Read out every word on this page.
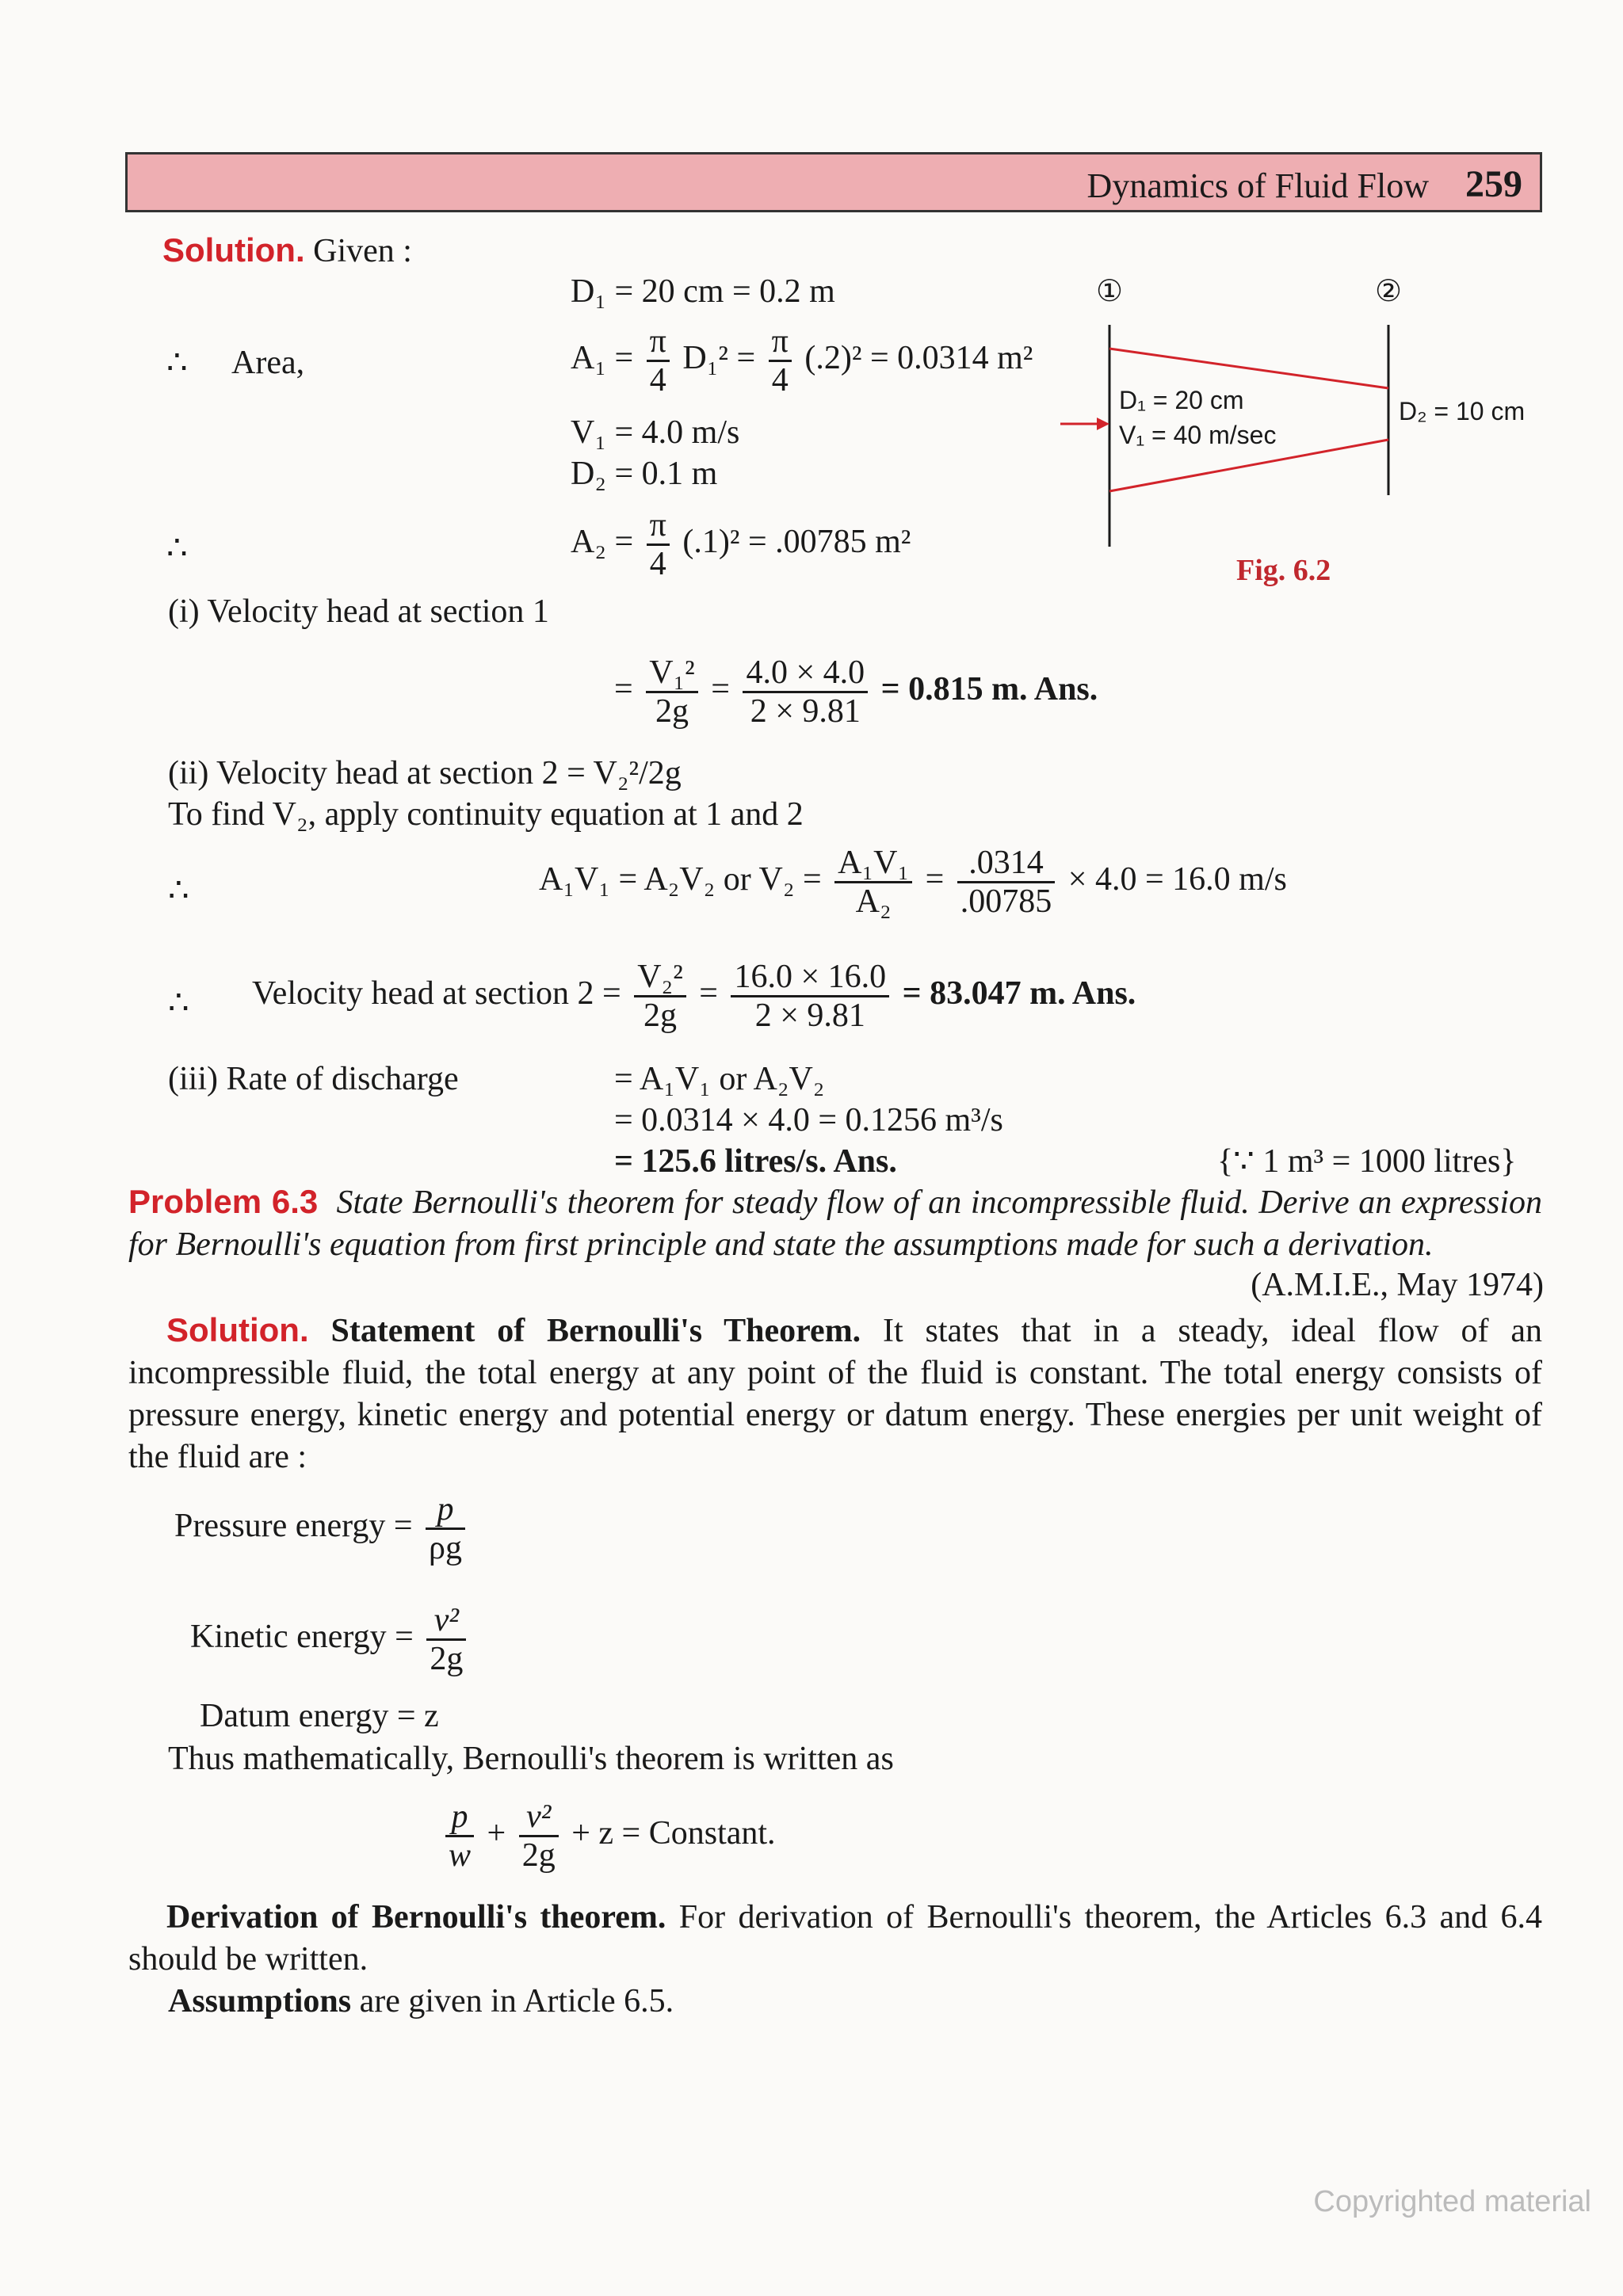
Dynamics of Fluid Flow 259
Solution. Given :
D₁ = 20 cm = 0.2 m
∴ Area,	$A_1 = \frac{\pi}{4} D_1^2 = \frac{\pi}{4} (.2)^2 = 0.0314$ m²
V₁ = 4.0 m/s
D₂ = 0.1 m
∴	$A_2 = \frac{\pi}{4} (.1)^2 = .00785$ m²
①	②
D₁ = 20 cm
V₁ = 40 m/sec
D₂ = 10 cm
Fig. 6.2
(i) Velocity head at section 1
= $\frac{\text{V₁²}}{2g} = \frac{4.0 \times 4.0}{2 \times 9.81} = 0.815$ m. Ans.
(ii) Velocity head at section 2 = V₂²/2g
To find V₂, apply continuity equation at 1 and 2
∴	A₁V₁ = A₂V₂ or $V_2 = \frac{\text{A₁V₁}}{\text{A₂}} = \frac{.0314}{.00785} \times 4.0 = 16.0$ m/s
∴ Velocity head at section $2 = \frac{\text{V₂²}}{2g} = \frac{16.0 \times 16.0}{2 \times 9.81} = 83.047$ m. Ans.
(iii) Rate of discharge	= A₁V₁ or A₂V₂
= 0.0314 × 4.0 = 0.1256 m³/s
= 125.6 litres/s. Ans.	{∵ 1 m³ = 1000 litres}
Problem 6.3 State Bernoulli's theorem for steady flow of an incompressible fluid. Derive an expression for Bernoulli's equation from first principle and state the assumptions made for such a derivation.
(A.M.I.E., May 1974)
Solution. Statement of Bernoulli's Theorem. It states that in a steady, ideal flow of an incompressible fluid, the total energy at any point of the fluid is constant. The total energy consists of pressure energy, kinetic energy and potential energy or datum energy. These energies per unit weight of the fluid are :
Pressure energy = $\frac{p}{\rho g}$
Kinetic energy = $\frac{\text{v²}}{2g}$
Datum energy = z
Thus mathematically, Bernoulli's theorem is written as
$\frac{p}{w} + \frac{\text{v²}}{2g} + z$ = Constant.
Derivation of Bernoulli's theorem. For derivation of Bernoulli's theorem, the Articles 6.3 and 6.4 should be written.
Assumptions are given in Article 6.5.
Copyrighted material
